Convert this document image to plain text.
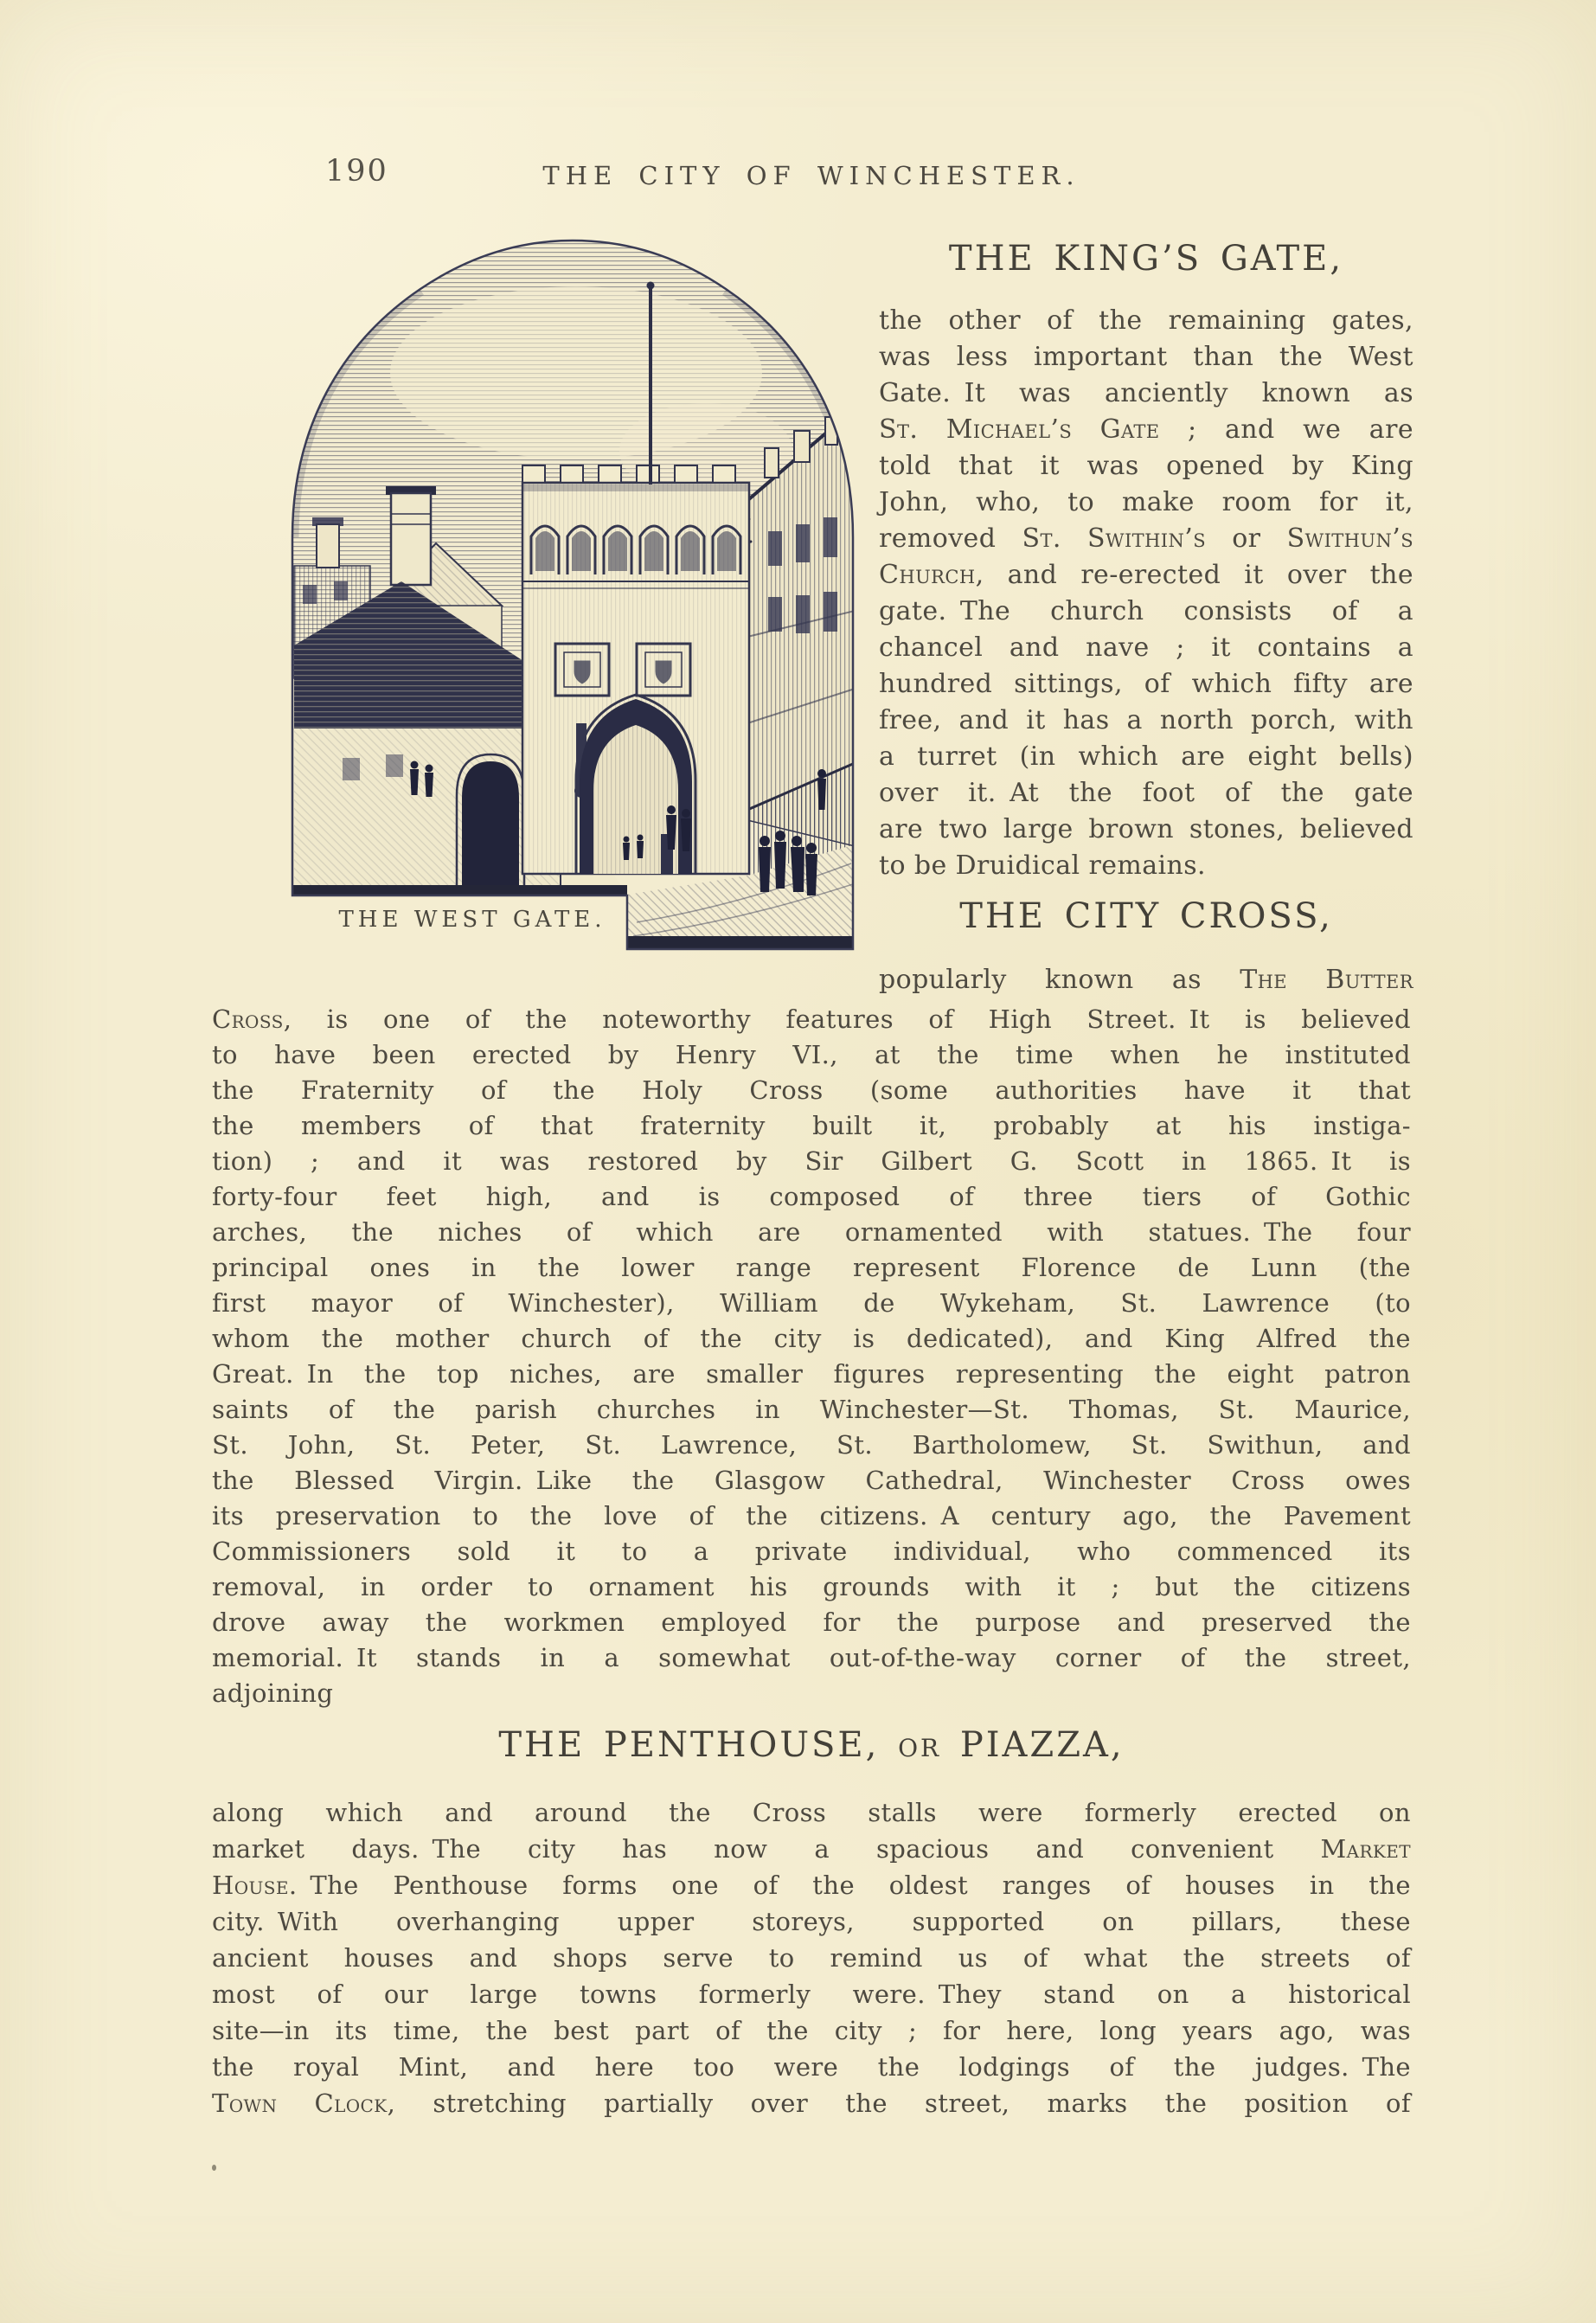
190	THE CITY OF WINCHESTER.
THE WEST GATE.
THE KING’S GATE,
the other of the remaining gates,
was less important than the West
Gate. It was anciently known as
St. Michael’s Gate ; and we are
told that it was opened by King
John, who, to make room for it,
removed St. Swithin’s or Swithun’s
Church, and re-erected it over the
gate. The church consists of a
chancel and nave ; it contains a
hundred sittings, of which fifty are
free, and it has a north porch, with
a turret (in which are eight bells)
over it. At the foot of the gate
are two large brown stones, believed
to be Druidical remains.
THE CITY CROSS,
popularly known as The Butter
Cross, is one of the noteworthy features of High Street. It is believed
to have been erected by Henry VI., at the time when he instituted
the Fraternity of the Holy Cross (some authorities have it that
the members of that fraternity built it, probably at his instiga-
tion) ; and it was restored by Sir Gilbert G. Scott in 1865. It is
forty-four feet high, and is composed of three tiers of Gothic
arches, the niches of which are ornamented with statues. The four
principal ones in the lower range represent Florence de Lunn (the
first mayor of Winchester), William de Wykeham, St. Lawrence (to
whom the mother church of the city is dedicated), and King Alfred the
Great. In the top niches, are smaller figures representing the eight patron
saints of the parish churches in Winchester—St. Thomas, St. Maurice,
St. John, St. Peter, St. Lawrence, St. Bartholomew, St. Swithun, and
the Blessed Virgin. Like the Glasgow Cathedral, Winchester Cross owes
its preservation to the love of the citizens. A century ago, the Pavement
Commissioners sold it to a private individual, who commenced its
removal, in order to ornament his grounds with it ; but the citizens
drove away the workmen employed for the purpose and preserved the
memorial. It stands in a somewhat out-of-the-way corner of the street,
adjoining
THE PENTHOUSE, or PIAZZA,
along which and around the Cross stalls were formerly erected on
market days. The city has now a spacious and convenient Market
House. The Penthouse forms one of the oldest ranges of houses in the
city. With overhanging upper storeys, supported on pillars, these
ancient houses and shops serve to remind us of what the streets of
most of our large towns formerly were. They stand on a historical
site—in its time, the best part of the city ; for here, long years ago, was
the royal Mint, and here too were the lodgings of the judges. The
Town Clock, stretching partially over the street, marks the position of
